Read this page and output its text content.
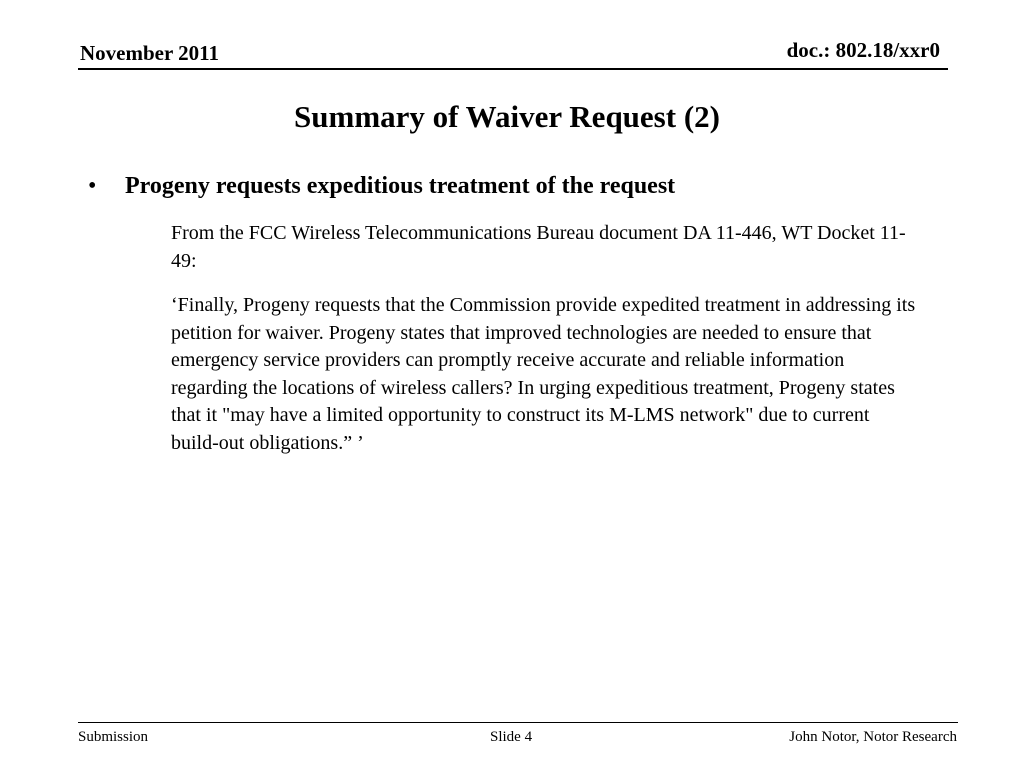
November 2011	doc.: 802.18/xxr0
Summary of Waiver Request (2)
•	Progeny requests expeditious treatment of the request
From the FCC Wireless Telecommunications Bureau document DA 11-446, WT Docket 11-49:
‘Finally, Progeny requests that the Commission provide expedited treatment in addressing its petition for waiver. Progeny states that improved technologies are needed to ensure that emergency service providers can promptly receive accurate and reliable information regarding the locations of wireless callers? In urging expeditious treatment, Progeny states that it "may have a limited opportunity to construct its M-LMS network" due to current build-out obligations.” ’
Submission	Slide 4	John Notor, Notor Research
